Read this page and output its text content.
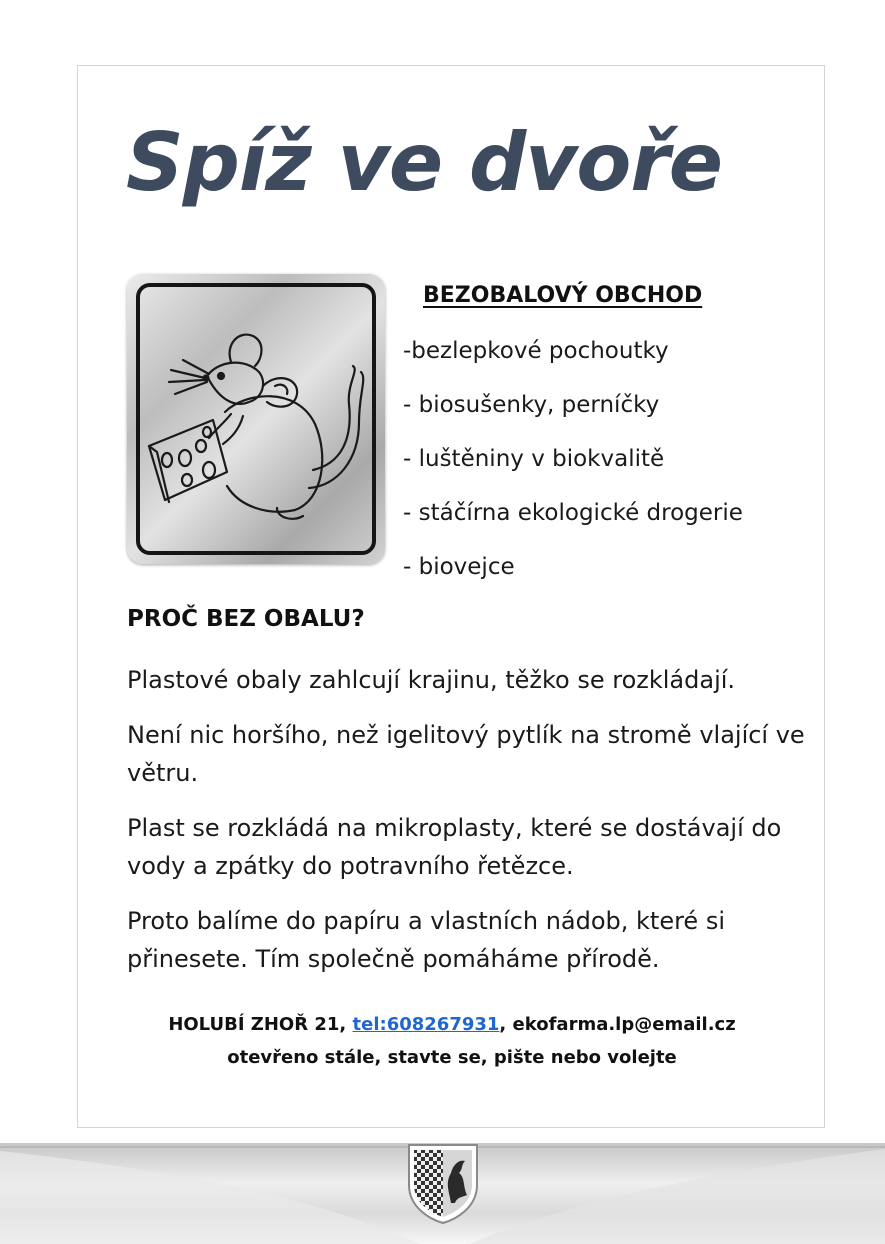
Spíž ve dvoře
BEZOBALOVÝ OBCHOD
-bezlepkové pochoutky
- biosušenky, perníčky
- luštěniny v biokvalitě
- stáčírna ekologické drogerie
- biovejce
PROČ BEZ OBALU?

Plastové obaly zahlcují krajinu, těžko se rozkládají.

Není nic horšího, než igelitový pytlík na stromě vlající ve větru.

Plast se rozkládá na mikroplasty, které se dostávají do vody a zpátky do potravního řetězce.

Proto balíme do papíru a vlastních nádob, které si přinesete. Tím společně pomáháme přírodě.

HOLUBÍ ZHOŘ 21, tel:608267931, ekofarma.lp@email.cz
otevřeno stále, stavte se, pište nebo volejte
